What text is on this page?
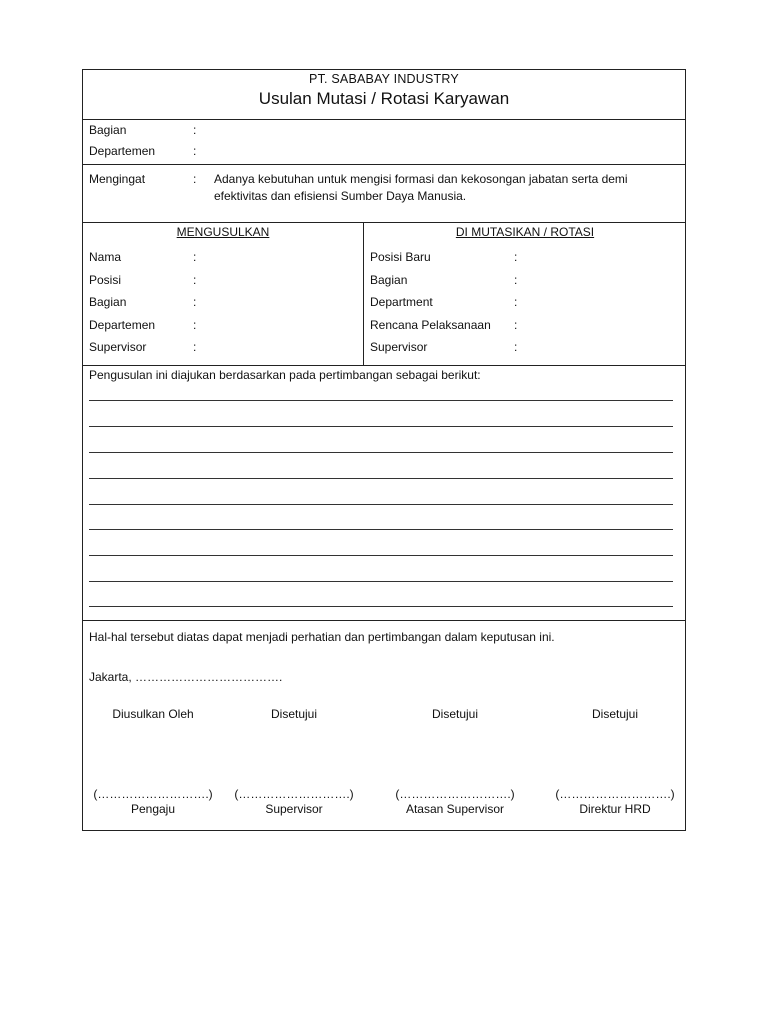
PT. SABABAY INDUSTRY
Usulan Mutasi / Rotasi Karyawan
Bagian	:
Departemen	:
Mengingat	: Adanya kebutuhan untuk mengisi formasi dan kekosongan jabatan serta demi
efektivitas dan efisiensi Sumber Daya Manusia.
MENGUSULKAN
Nama	:
Posisi	:
Bagian	:
Departemen	:
Supervisor	:
DI MUTASIKAN / ROTASI
Posisi Baru	:
Bagian	:
Department	:
Rencana Pelaksanaan :
Supervisor	:
Pengusulan ini diajukan berdasarkan pada pertimbangan sebagai berikut:
Hal-hal tersebut diatas dapat menjadi perhatian dan pertimbangan dalam keputusan ini.
Jakarta, ……………………………….
Diusulkan Oleh
(……………………….)
Pengaju
Disetujui
(……………………….)
Supervisor
Disetujui
(……………………….)
Atasan Supervisor
Disetujui
(……………………….)
Direktur HRD
